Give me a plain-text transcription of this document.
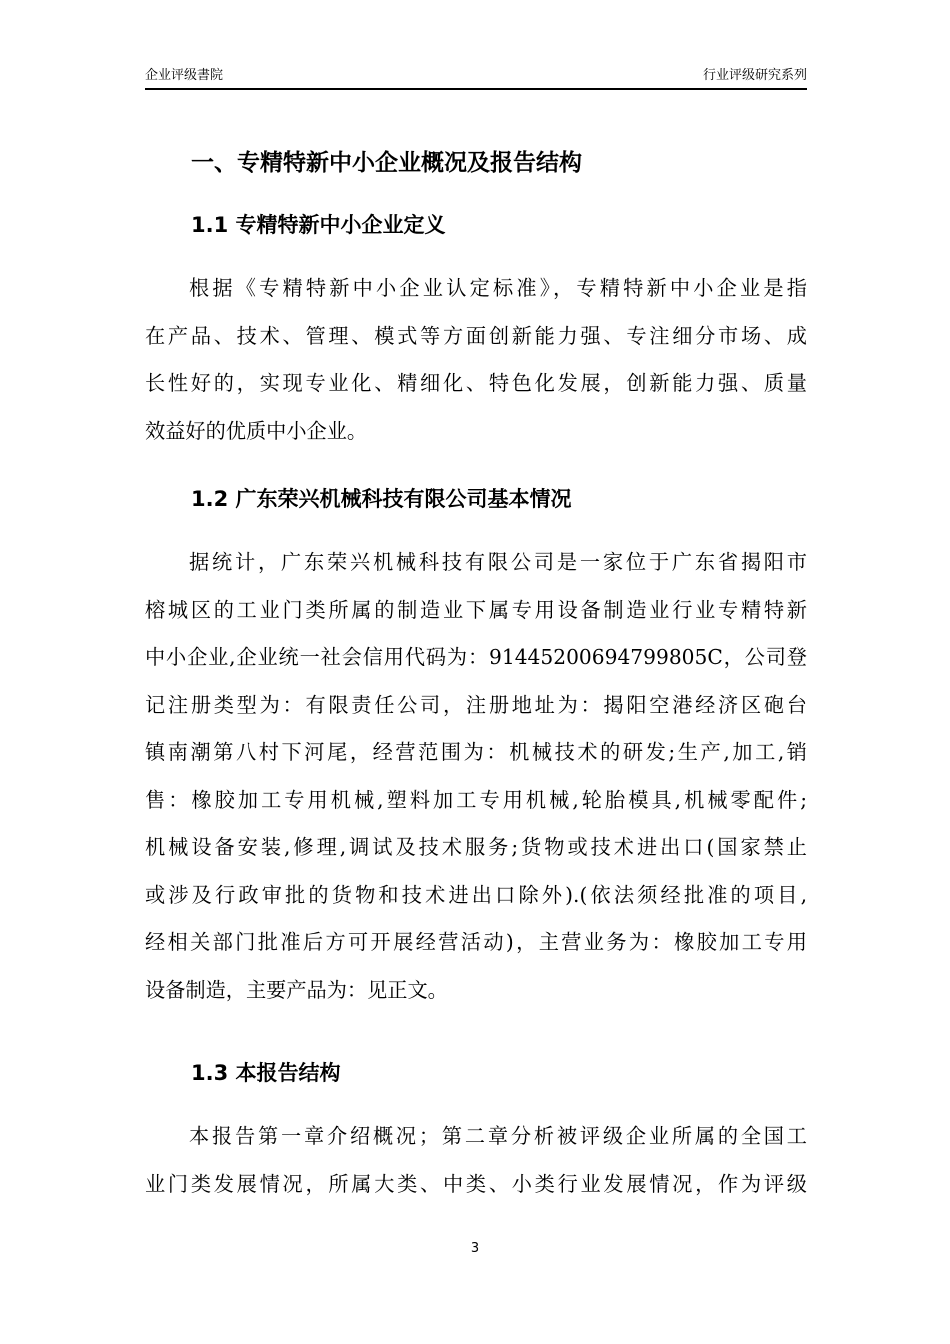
企业评级書院	行业评级研究系列
一、专精特新中小企业概况及报告结构
1.1 专精特新中小企业定义
根据《专精特新中小企业认定标准》，专精特新中小企业是指
在产品、技术、管理、模式等方面创新能力强、专注细分市场、成
长性好的，实现专业化、精细化、特色化发展，创新能力强、质量
效益好的优质中小企业。
1.2 广东荣兴机械科技有限公司基本情况
据统计，广东荣兴机械科技有限公司是一家位于广东省揭阳市
榕城区的工业门类所属的制造业下属专用设备制造业行业专精特新
中小企业,企业统一社会信用代码为：91445200694799805C，公司登
记注册类型为：有限责任公司，注册地址为：揭阳空港经济区砲台
镇南潮第八村下河尾，经营范围为：机械技术的研发;生产,加工,销
售：橡胶加工专用机械,塑料加工专用机械,轮胎模具,机械零配件;
机械设备安装,修理,调试及技术服务;货物或技术进出口(国家禁止
或涉及行政审批的货物和技术进出口除外).(依法须经批准的项目,
经相关部门批准后方可开展经营活动)，主营业务为：橡胶加工专用
设备制造，主要产品为：见正文。
1.3 本报告结构
本报告第一章介绍概况；第二章分析被评级企业所属的全国工
业门类发展情况，所属大类、中类、小类行业发展情况，作为评级
3
